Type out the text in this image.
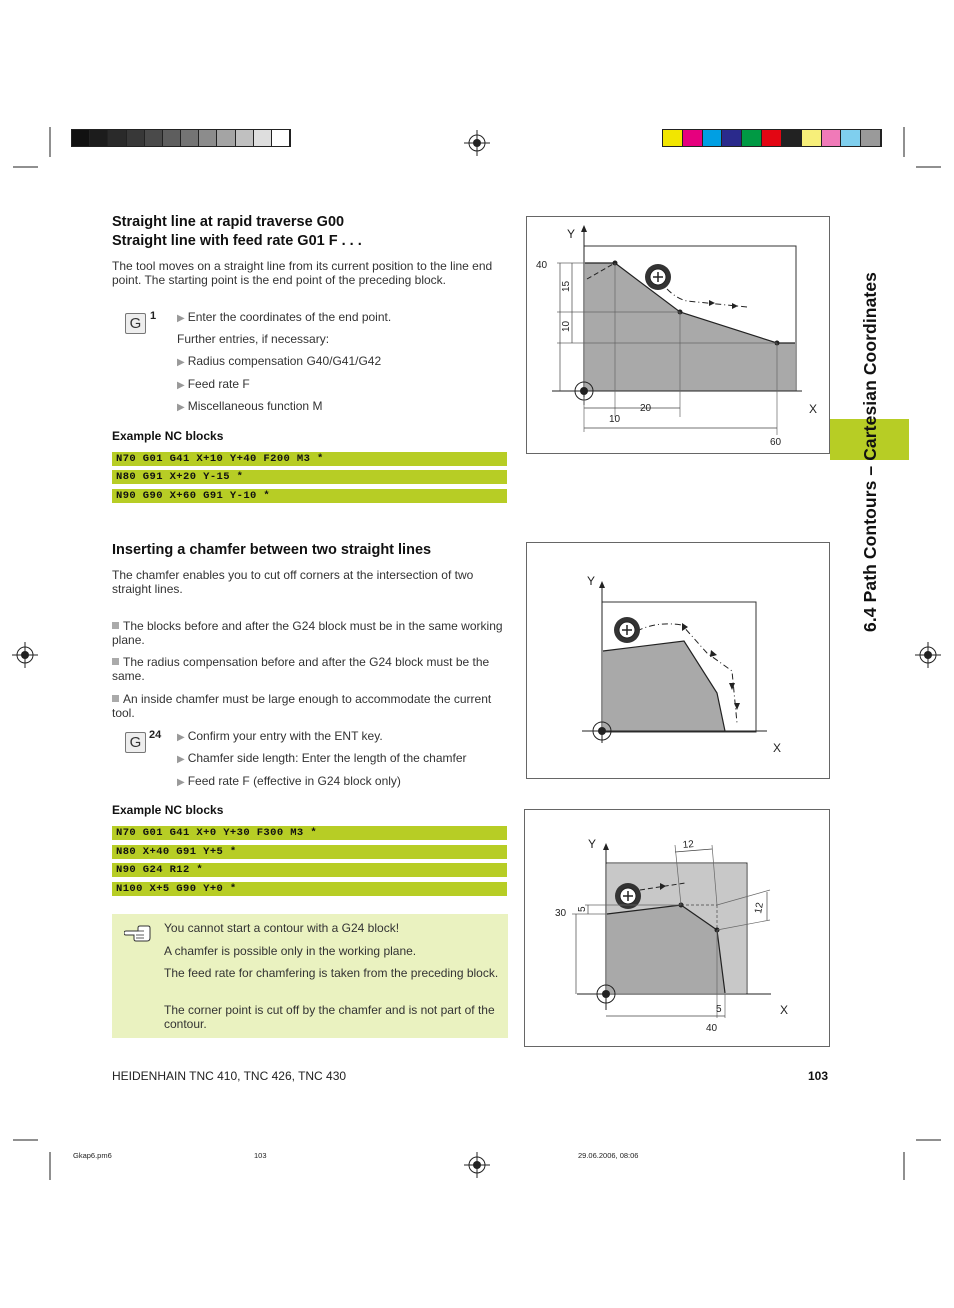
6.4 Path Contours – Cartesian Coordinates
Straight line at rapid traverse G00
Straight line with feed rate G01 F . . .
The tool moves on a straight line from its current position to the line end point. The starting point is the end point of the preceding block.
G 1 ▶ Enter the coordinates of the end point.
Further entries, if necessary:
▶ Radius compensation G40/G41/G42
▶ Feed rate F
▶ Miscellaneous function M
Example NC blocks
N70 G01 G41 X+10 Y+40 F200 M3 *
N80 G91 X+20 Y-15 *
N90 G90 X+60 G91 Y-10 *
Y
X
40
15
10
10
20
60
Inserting a chamfer between two straight lines
The chamfer enables you to cut off corners at the intersection of two straight lines.
The blocks before and after the G24 block must be in the same working plane.
The radius compensation before and after the G24 block must be the same.
An inside chamfer must be large enough to accommodate the current tool.
G 24 ▶ Confirm your entry with the ENT key.
▶ Chamfer side length: Enter the length of the chamfer
▶ Feed rate F (effective in G24 block only)
Example NC blocks
N70 G01 G41 X+0 Y+30 F300 M3 *
N80 X+40 G91 Y+5 *
N90 G24 R12 *
N100 X+5 G90 Y+0 *
Y
X
Y
X
12
12
30 5
5
40
You cannot start a contour with a G24 block!
A chamfer is possible only in the working plane.
The feed rate for chamfering is taken from the preceding block.
The corner point is cut off by the chamfer and is not part of the contour.
HEIDENHAIN TNC 410, TNC 426, TNC 430	103
Gkap6.pm6	103	29.06.2006, 08:06
